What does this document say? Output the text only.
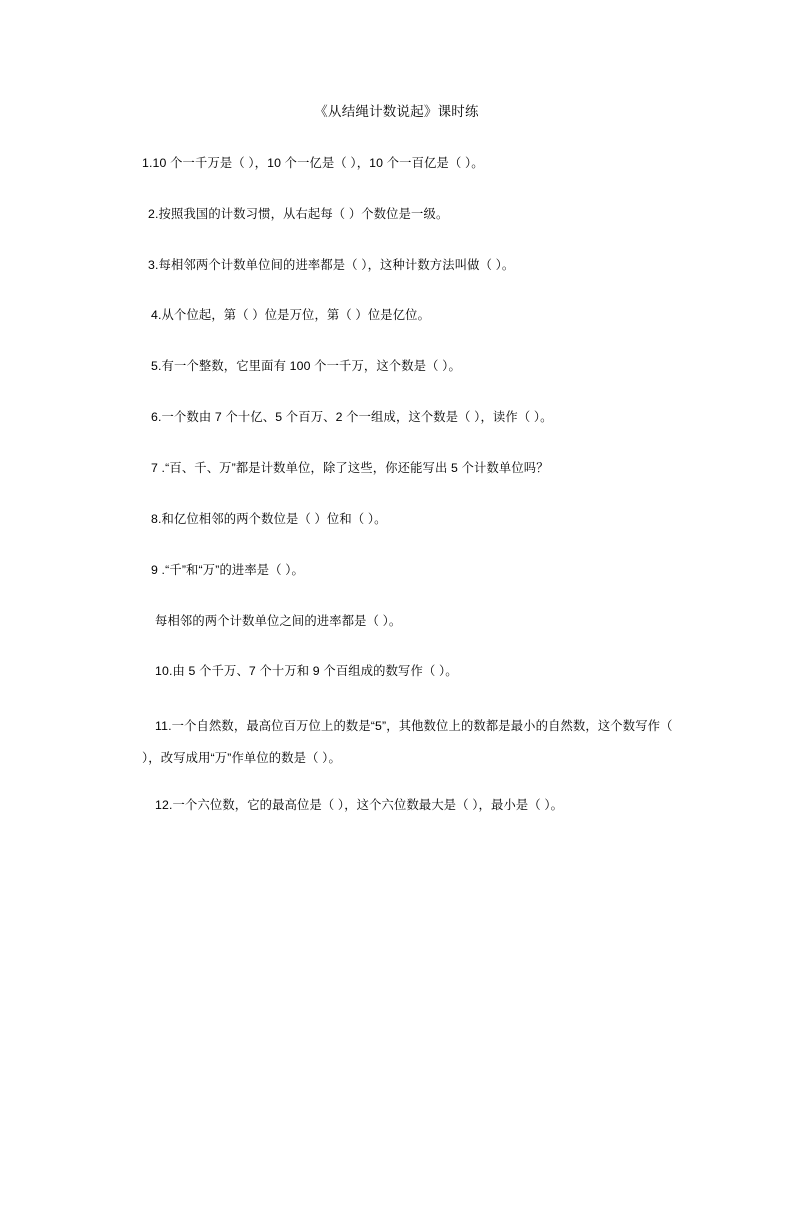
《从结绳计数说起》课时练

1.10 个一千万是（ ），10 个一亿是（ ），10 个一百亿是（ ）。

2.按照我国的计数习惯，从右起每（ ）个数位是一级。

3.每相邻两个计数单位间的进率都是（ ），这种计数方法叫做（ ）。

4.从个位起，第（ ）位是万位，第（ ）位是亿位。

5.有一个整数，它里面有 100 个一千万，这个数是（ ）。

6.一个数由 7 个十亿、5 个百万、2 个一组成，这个数是（ ），读作（ ）。

7 .“百、千、万”都是计数单位，除了这些，你还能写出 5 个计数单位吗？

8.和亿位相邻的两个数位是（ ）位和（ ）。

9 .“千”和“万”的进率是（ ）。

每相邻的两个计数单位之间的进率都是（ ）。

10.由 5 个千万、7 个十万和 9 个百组成的数写作（ ）。

11.一个自然数，最高位百万位上的数是“5”，其他数位上的数都是最小的自然数，这个数写作（ ），改写成用“万”作单位的数是（ ）。

12.一个六位数，它的最高位是（ ），这个六位数最大是（ ），最小是（ ）。
